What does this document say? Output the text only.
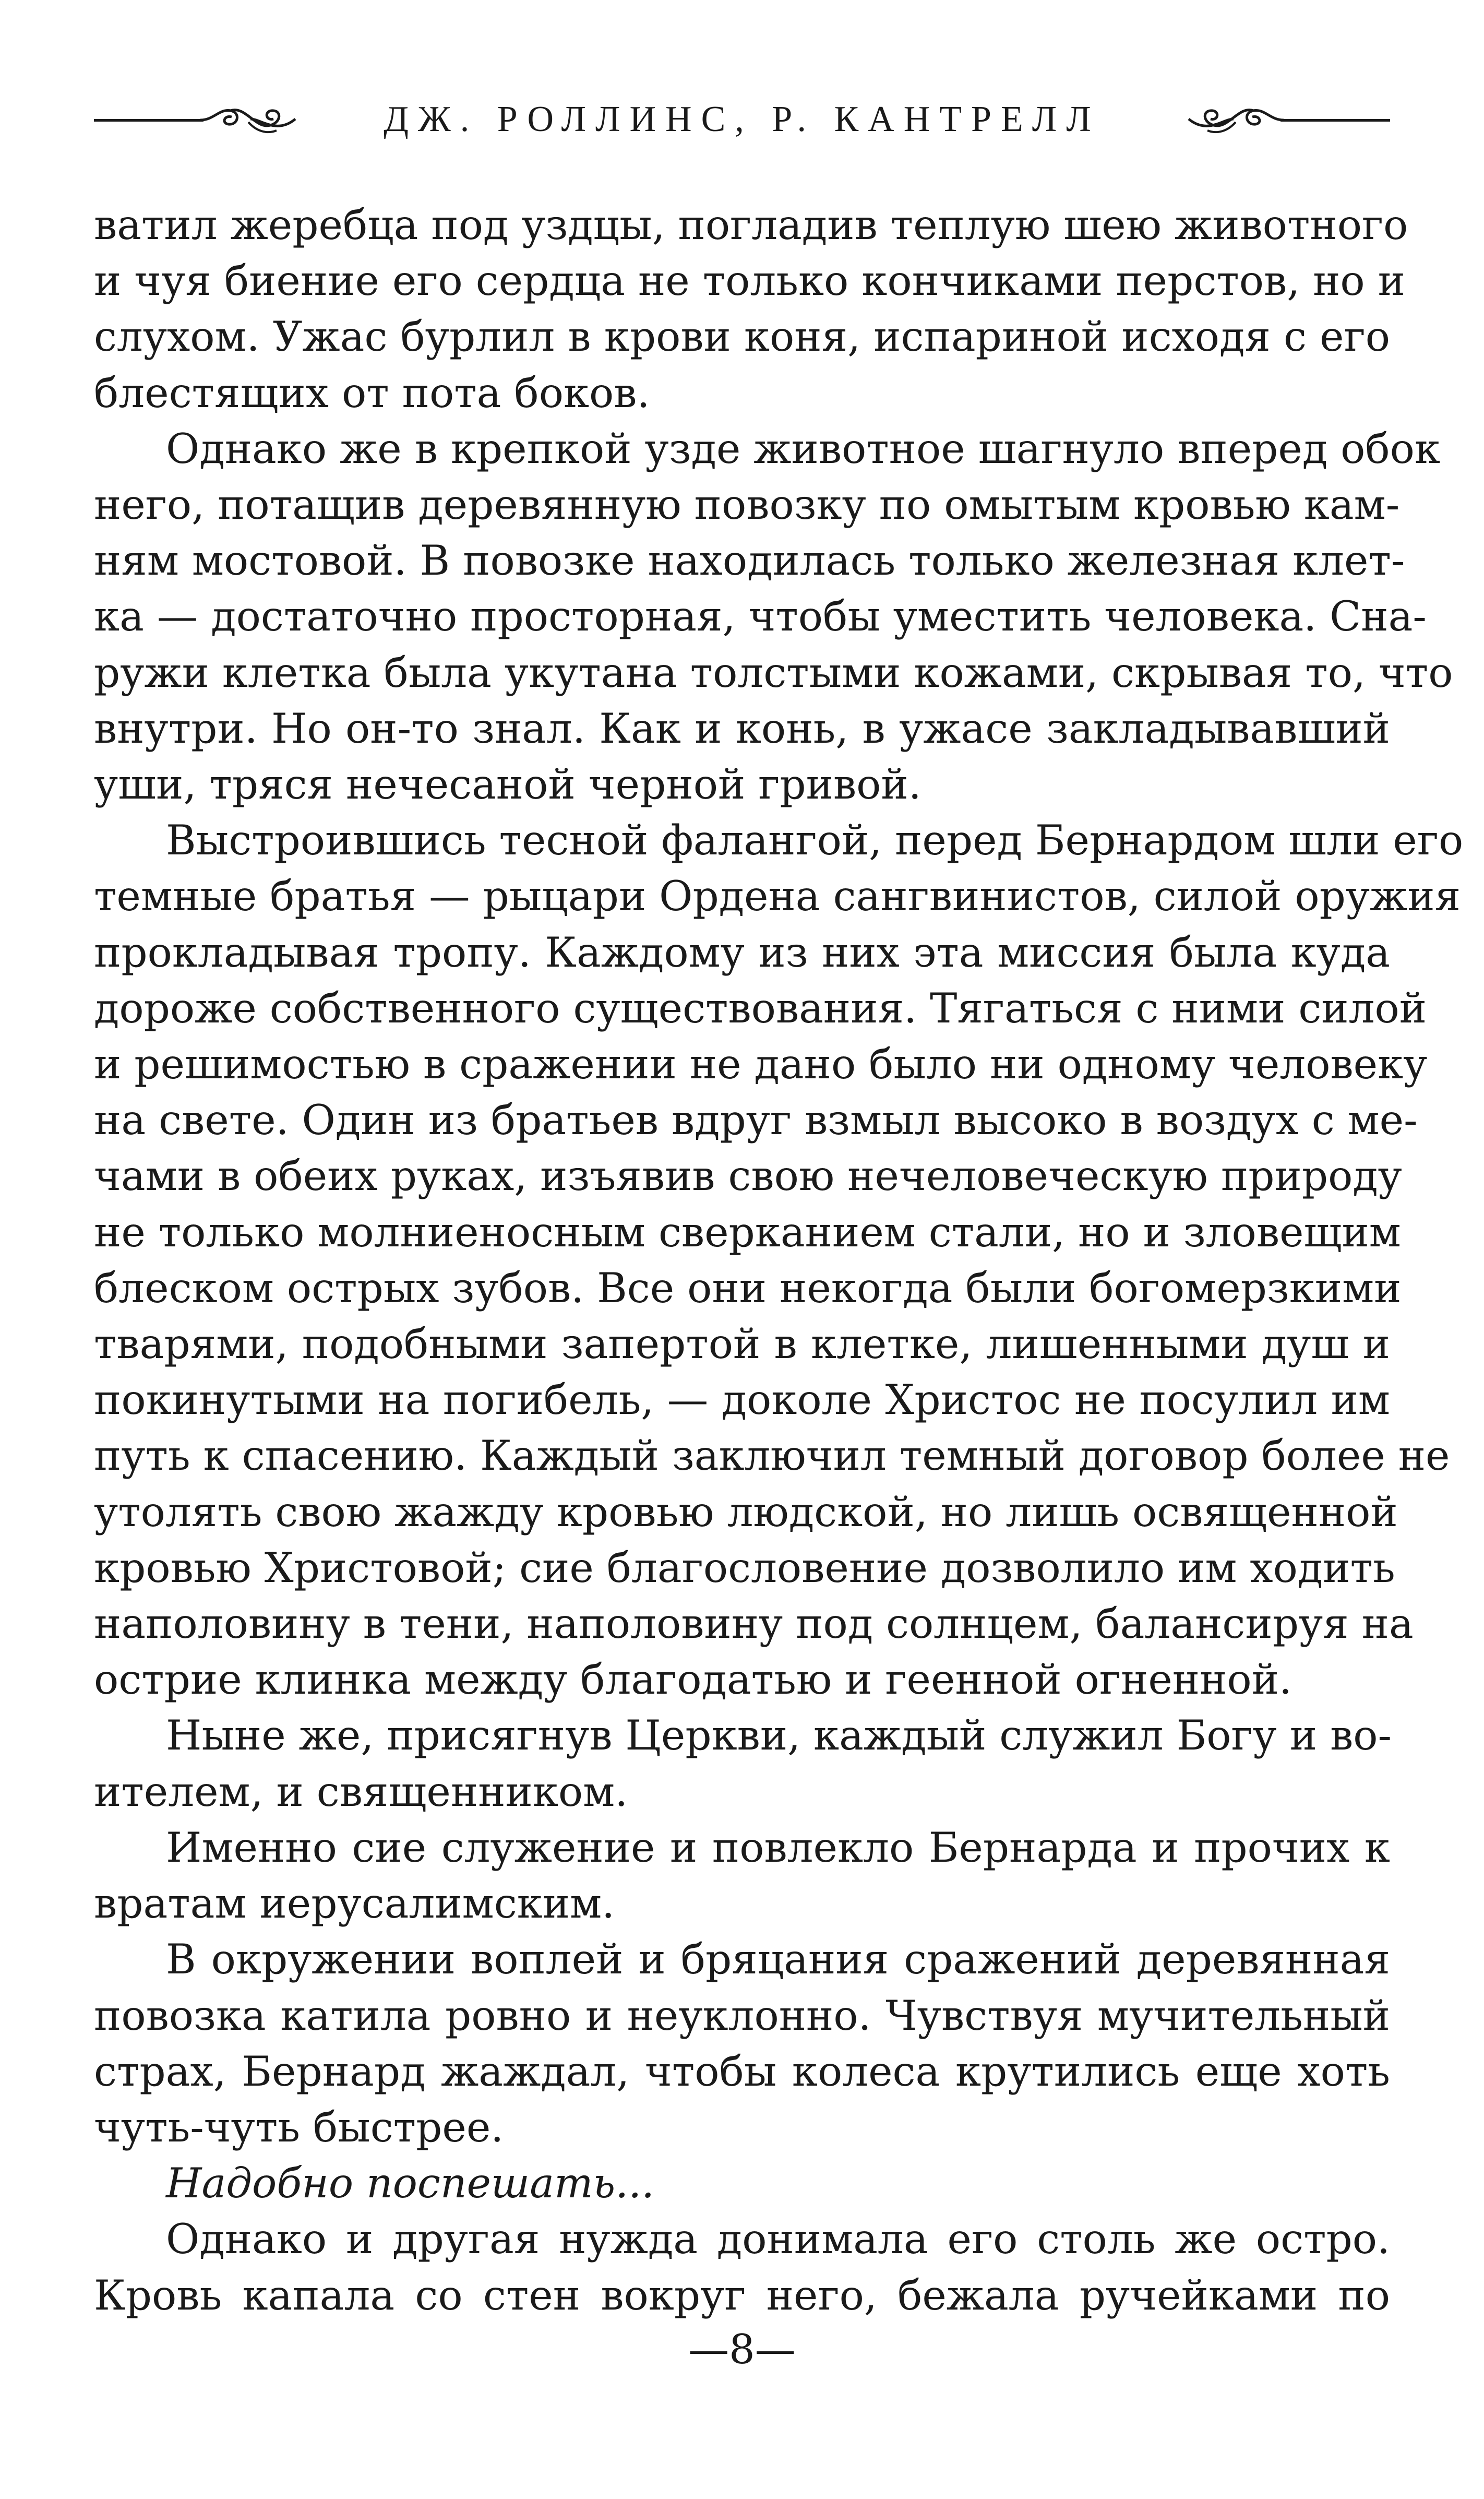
ДЖ. РОЛЛИНС, Р. КАНТРЕЛЛ

ватил жеребца под уздцы, погладив теплую шею животного
и чуя биение его сердца не только кончиками перстов, но и
слухом. Ужас бурлил в крови коня, испариной исходя с его
блестящих от пота боков.

Однако же в крепкой узде животное шагнуло вперед обок
него, потащив деревянную повозку по омытым кровью кам-
ням мостовой. В повозке находилась только железная клет-
ка — достаточно просторная, чтобы уместить человека. Сна-
ружи клетка была укутана толстыми кожами, скрывая то, что
внутри. Но он-то знал. Как и конь, в ужасе закладывавший
уши, тряся нечесаной черной гривой.

Выстроившись тесной фалангой, перед Бернардом шли его
темные братья — рыцари Ордена сангвинистов, силой оружия
прокладывая тропу. Каждому из них эта миссия была куда
дороже собственного существования. Тягаться с ними силой
и решимостью в сражении не дано было ни одному человеку
на свете. Один из братьев вдруг взмыл высоко в воздух с ме-
чами в обеих руках, изъявив свою нечеловеческую природу
не только молниеносным сверканием стали, но и зловещим
блеском острых зубов. Все они некогда были богомерзкими
тварями, подобными запертой в клетке, лишенными душ и
покинутыми на погибель, — доколе Христос не посулил им
путь к спасению. Каждый заключил темный договор более не
утолять свою жажду кровью людской, но лишь освященной
кровью Христовой; сие благословение дозволило им ходить
наполовину в тени, наполовину под солнцем, балансируя на
острие клинка между благодатью и геенной огненной.

Ныне же, присягнув Церкви, каждый служил Богу и во-
ителем, и священником.

Именно сие служение и повлекло Бернарда и прочих к
вратам иерусалимским.

В окружении воплей и бряцания сражений деревянная
повозка катила ровно и неуклонно. Чувствуя мучительный
страх, Бернард жаждал, чтобы колеса крутились еще хоть
чуть-чуть быстрее.

Надобно поспешать...

Однако и другая нужда донимала его столь же остро.
Кровь капала со стен вокруг него, бежала ручейками по

—8—
